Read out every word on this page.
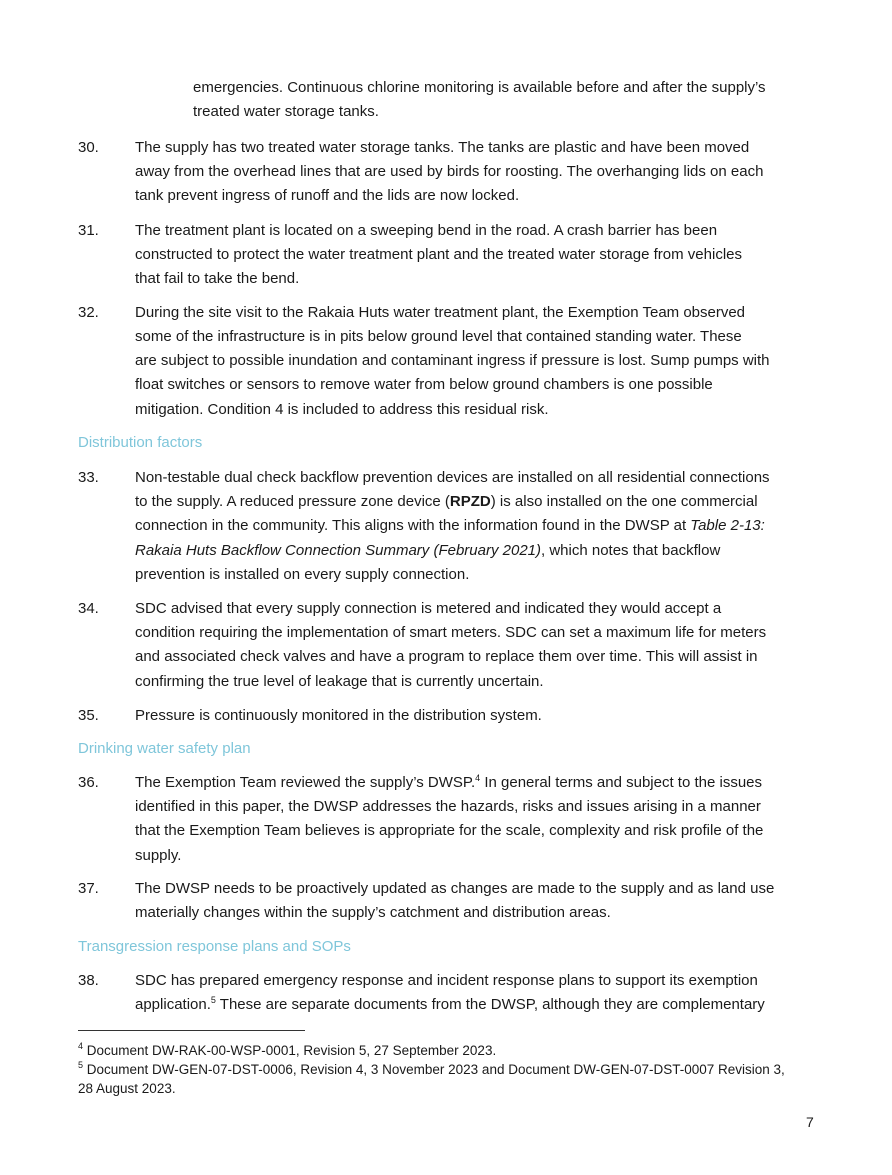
emergencies. Continuous chlorine monitoring is available before and after the supply’s
treated water storage tanks.
30. The supply has two treated water storage tanks. The tanks are plastic and have been moved
away from the overhead lines that are used by birds for roosting. The overhanging lids on each
tank prevent ingress of runoff and the lids are now locked.
31. The treatment plant is located on a sweeping bend in the road. A crash barrier has been
constructed to protect the water treatment plant and the treated water storage from vehicles
that fail to take the bend.
32. During the site visit to the Rakaia Huts water treatment plant, the Exemption Team observed
some of the infrastructure is in pits below ground level that contained standing water. These
are subject to possible inundation and contaminant ingress if pressure is lost. Sump pumps with
float switches or sensors to remove water from below ground chambers is one possible
mitigation. Condition 4 is included to address this residual risk.
Distribution factors
33. Non-testable dual check backflow prevention devices are installed on all residential connections
to the supply. A reduced pressure zone device (RPZD) is also installed on the one commercial
connection in the community. This aligns with the information found in the DWSP at Table 2-13:
Rakaia Huts Backflow Connection Summary (February 2021), which notes that backflow
prevention is installed on every supply connection.
34. SDC advised that every supply connection is metered and indicated they would accept a
condition requiring the implementation of smart meters. SDC can set a maximum life for meters
and associated check valves and have a program to replace them over time. This will assist in
confirming the true level of leakage that is currently uncertain.
35. Pressure is continuously monitored in the distribution system.
Drinking water safety plan
36. The Exemption Team reviewed the supply’s DWSP.$^4$ In general terms and subject to the issues
identified in this paper, the DWSP addresses the hazards, risks and issues arising in a manner
that the Exemption Team believes is appropriate for the scale, complexity and risk profile of the
supply.
37. The DWSP needs to be proactively updated as changes are made to the supply and as land use
materially changes within the supply’s catchment and distribution areas.
Transgression response plans and SOPs
38. SDC has prepared emergency response and incident response plans to support its exemption
application.$^5$ These are separate documents from the DWSP, although they are complementary
$^4$ Document DW-RAK-00-WSP-0001, Revision 5, 27 September 2023.
$^5$ Document DW-GEN-07-DST-0006, Revision 4, 3 November 2023 and Document DW-GEN-07-DST-0007 Revision 3,
28 August 2023.
7
